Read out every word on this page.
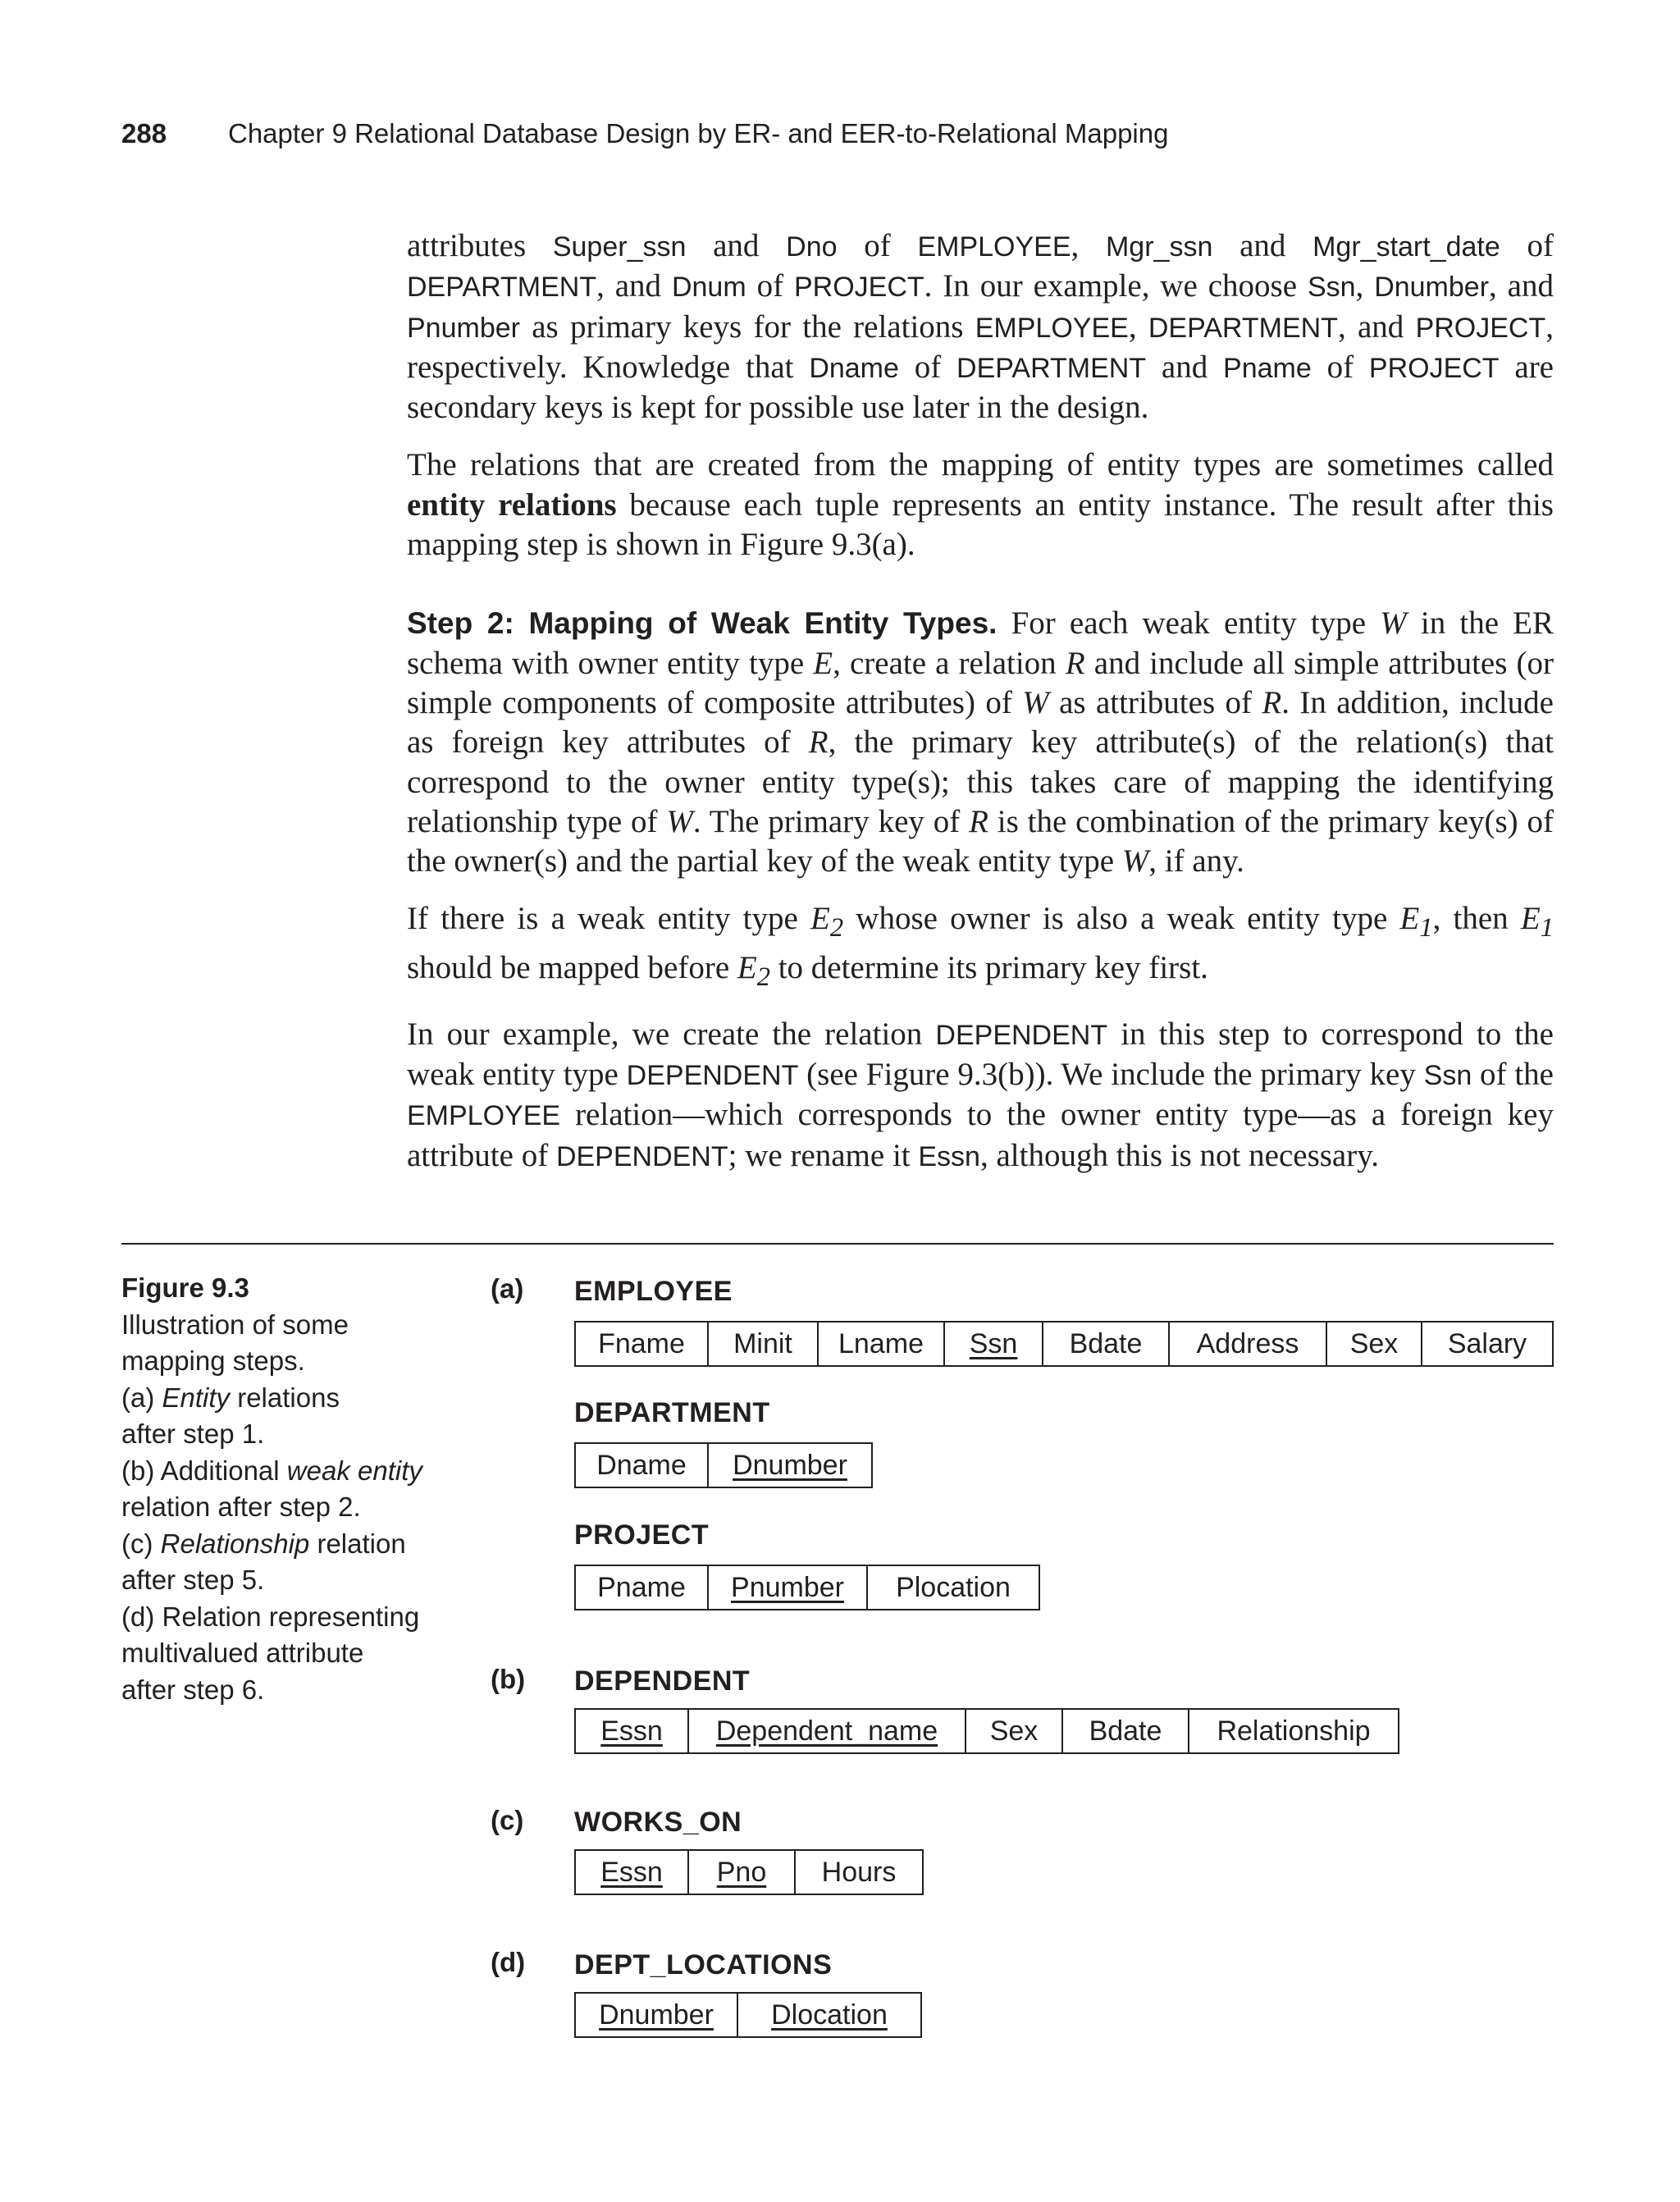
288 Chapter 9 Relational Database Design by ER- and EER-to-Relational Mapping

attributes Super_ssn and Dno of EMPLOYEE, Mgr_ssn and Mgr_start_date of DEPARTMENT, and Dnum of PROJECT. In our example, we choose Ssn, Dnumber, and Pnumber as primary keys for the relations EMPLOYEE, DEPARTMENT, and PROJECT, respectively. Knowledge that Dname of DEPARTMENT and Pname of PROJECT are secondary keys is kept for possible use later in the design.

The relations that are created from the mapping of entity types are sometimes called entity relations because each tuple represents an entity instance. The result after this mapping step is shown in Figure 9.3(a).

Step 2: Mapping of Weak Entity Types. For each weak entity type W in the ER schema with owner entity type E, create a relation R and include all simple attributes (or simple components of composite attributes) of W as attributes of R. In addition, include as foreign key attributes of R, the primary key attribute(s) of the relation(s) that correspond to the owner entity type(s); this takes care of mapping the identifying relationship type of W. The primary key of R is the combination of the primary key(s) of the owner(s) and the partial key of the weak entity type W, if any.

If there is a weak entity type $E_2$ whose owner is also a weak entity type $E_1$, then $E_1$ should be mapped before $E_2$ to determine its primary key first.

In our example, we create the relation DEPENDENT in this step to correspond to the weak entity type DEPENDENT (see Figure 9.3(b)). We include the primary key Ssn of the EMPLOYEE relation—which corresponds to the owner entity type—as a foreign key attribute of DEPENDENT; we rename it Essn, although this is not necessary.

Figure 9.3
Illustration of some
mapping steps.
(a) Entity relations
after step 1.
(b) Additional weak entity
relation after step 2.
(c) Relationship relation
after step 5.
(d) Relation representing
multivalued attribute
after step 6.
(a)
(b)
(c)
(d)
EMPLOYEE
Fname	Minit	Lname	Ssn	Bdate	Address	Sex	Salary
DEPARTMENT
Dname	Dnumber
PROJECT
Pname	Pnumber	Plocation
DEPENDENT
Essn	Dependent_name	Sex	Bdate	Relationship
WORKS_ON
Essn	Pno	Hours
DEPT_LOCATIONS
Dnumber	Dlocation
